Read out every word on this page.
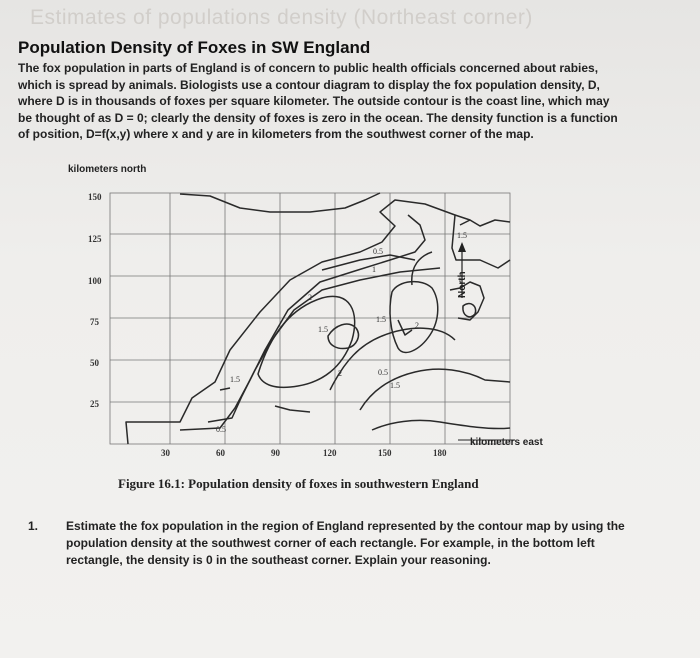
Estimates of populations density (Northeast corner)
Population Density of Foxes in SW England
The fox population in parts of England is of concern to public health officials concerned about rabies, which is spread by animals. Biologists use a contour diagram to display the fox population density, D, where D is in thousands of foxes per square kilometer. The outside contour is the coast line, which may be thought of as D = 0; clearly the density of foxes is zero in the ocean. The density function is a function of position, D=f(x,y) where x and y are in kilometers from the southwest corner of the map.
kilometers north
150
125
100
75
50
25
0.5
1
1.5
2
1.5
1.5
2	0.5
1.5
0.5
2
1.5
North
kilometers east
30	60	90	120	150	180
Figure 16.1: Population density of foxes in southwestern England
1. Estimate the fox population in the region of England represented by the contour map by using the population density at the southwest corner of each rectangle. For example, in the bottom left rectangle, the density is 0 in the southeast corner. Explain your reasoning.
